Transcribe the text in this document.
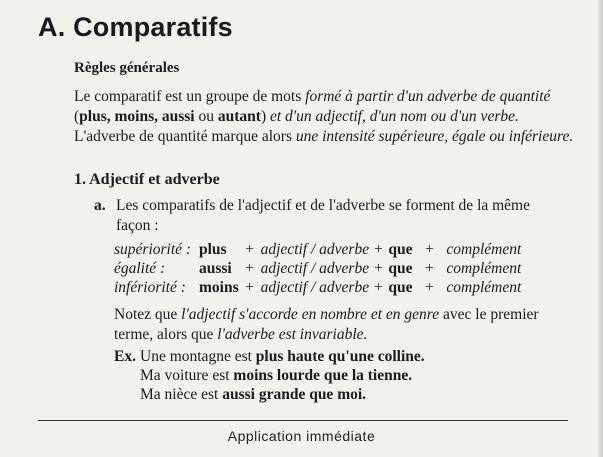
A. Comparatifs
Règles générales

Le comparatif est un groupe de mots formé à partir d'un adverbe de quantité (plus, moins, aussi ou autant) et d'un adjectif, d'un nom ou d'un verbe. L'adverbe de quantité marque alors une intensité supérieure, égale ou inférieure.

1. Adjectif et adverbe
a. Les comparatifs de l'adjectif et de l'adverbe se forment de la même façon :
supériorité :	plus	+	adjectif / adverbe +	que	+	complément
égalité :	aussi	+	adjectif / adverbe +	que	+	complément
infériorité :	moins	+	adjectif / adverbe +	que	+	complément

Notez que l'adjectif s'accorde en nombre et en genre avec le premier terme, alors que l'adverbe est invariable.

Ex. Une montagne est plus haute qu'une colline.
Ma voiture est moins lourde que la tienne.
Ma nièce est aussi grande que moi.

Application immédiate
